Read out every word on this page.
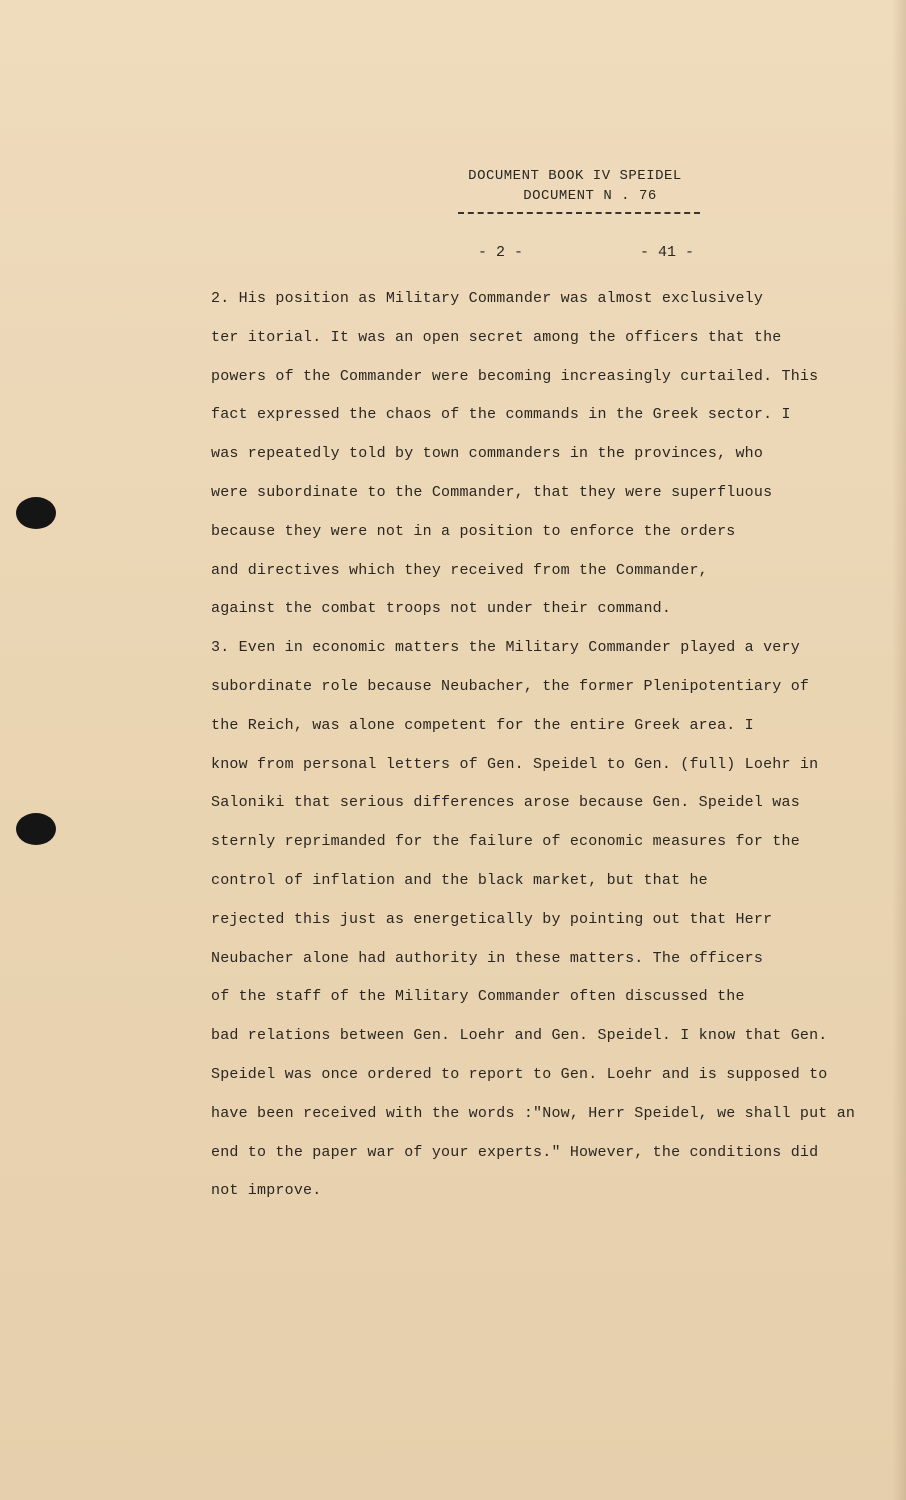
DOCUMENT BOOK IV SPEIDEL
DOCUMENT N . 76
- 2 -	- 41 -
2. His position as Military Commander was almost exclusively
ter itorial. It was an open secret among the officers that the
powers of the Commander were becoming increasingly curtailed. This
fact expressed the chaos of the commands in the Greek sector. I
was repeatedly told by town commanders in the provinces, who
were subordinate to the Commander, that they were superfluous
because they were not in a position to enforce the orders
and directives which they received from the Commander,
against the combat troops not under their command.
3. Even in economic matters the Military Commander played a very
subordinate role because Neubacher, the former Plenipotentiary of
the Reich, was alone competent for the entire Greek area. I
know from personal letters of Gen. Speidel to Gen. (full) Loehr in
Saloniki that serious differences arose because Gen. Speidel was
sternly reprimanded for the failure of economic measures for the
control of inflation and the black market, but that he
rejected this just as energetically by pointing out that Herr
Neubacher alone had authority in these matters. The officers
of the staff of the Military Commander often discussed the
bad relations between Gen. Loehr and Gen. Speidel. I know that Gen.
Speidel was once ordered to report to Gen. Loehr and is supposed to
have been received with the words :"Now, Herr Speidel, we shall put an
end to the paper war of your experts." However, the conditions did
not improve.
